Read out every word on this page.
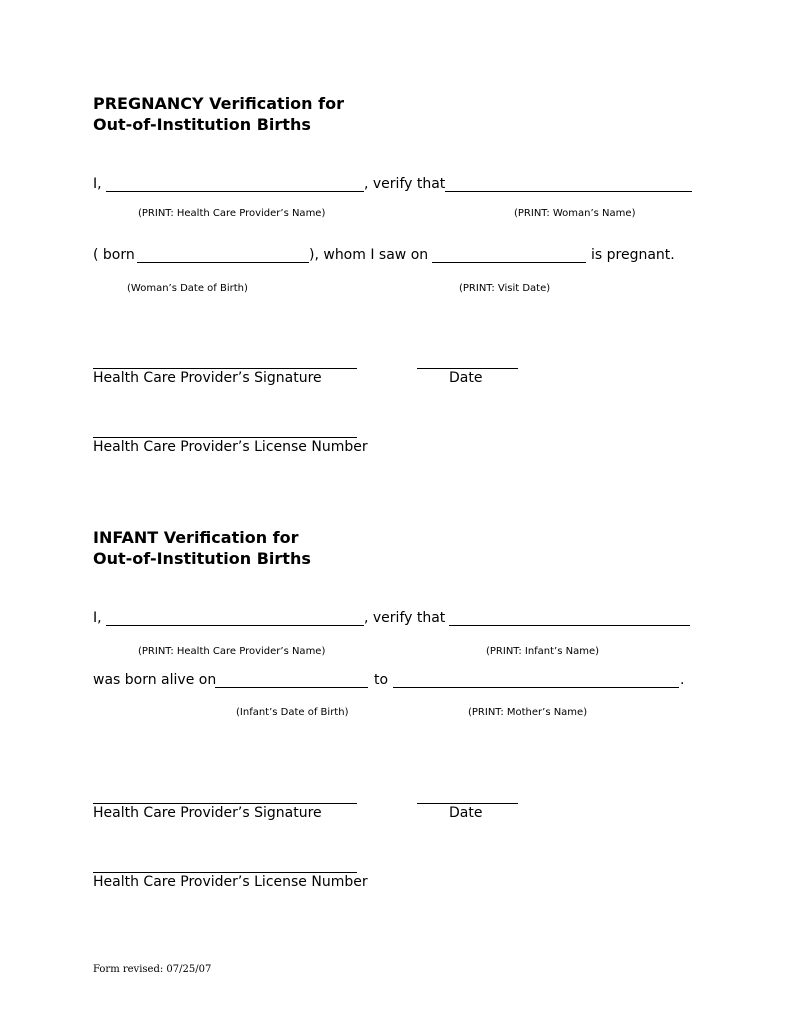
PREGNANCY Verification for
Out-of-Institution Births
I,	, verify that
(PRINT: Health Care Provider’s Name)	(PRINT: Woman’s Name)
( born	), whom I saw on	is pregnant.
(Woman’s Date of Birth)	(PRINT: Visit Date)
Health Care Provider’s Signature	Date
Health Care Provider’s License Number
INFANT Verification for
Out-of-Institution Births
I,	, verify that
(PRINT: Health Care Provider’s Name)	(PRINT: Infant’s Name)
was born alive on	to	.
(Infant’s Date of Birth)	(PRINT: Mother’s Name)
Health Care Provider’s Signature	Date
Health Care Provider’s License Number
Form revised: 07/25/07
